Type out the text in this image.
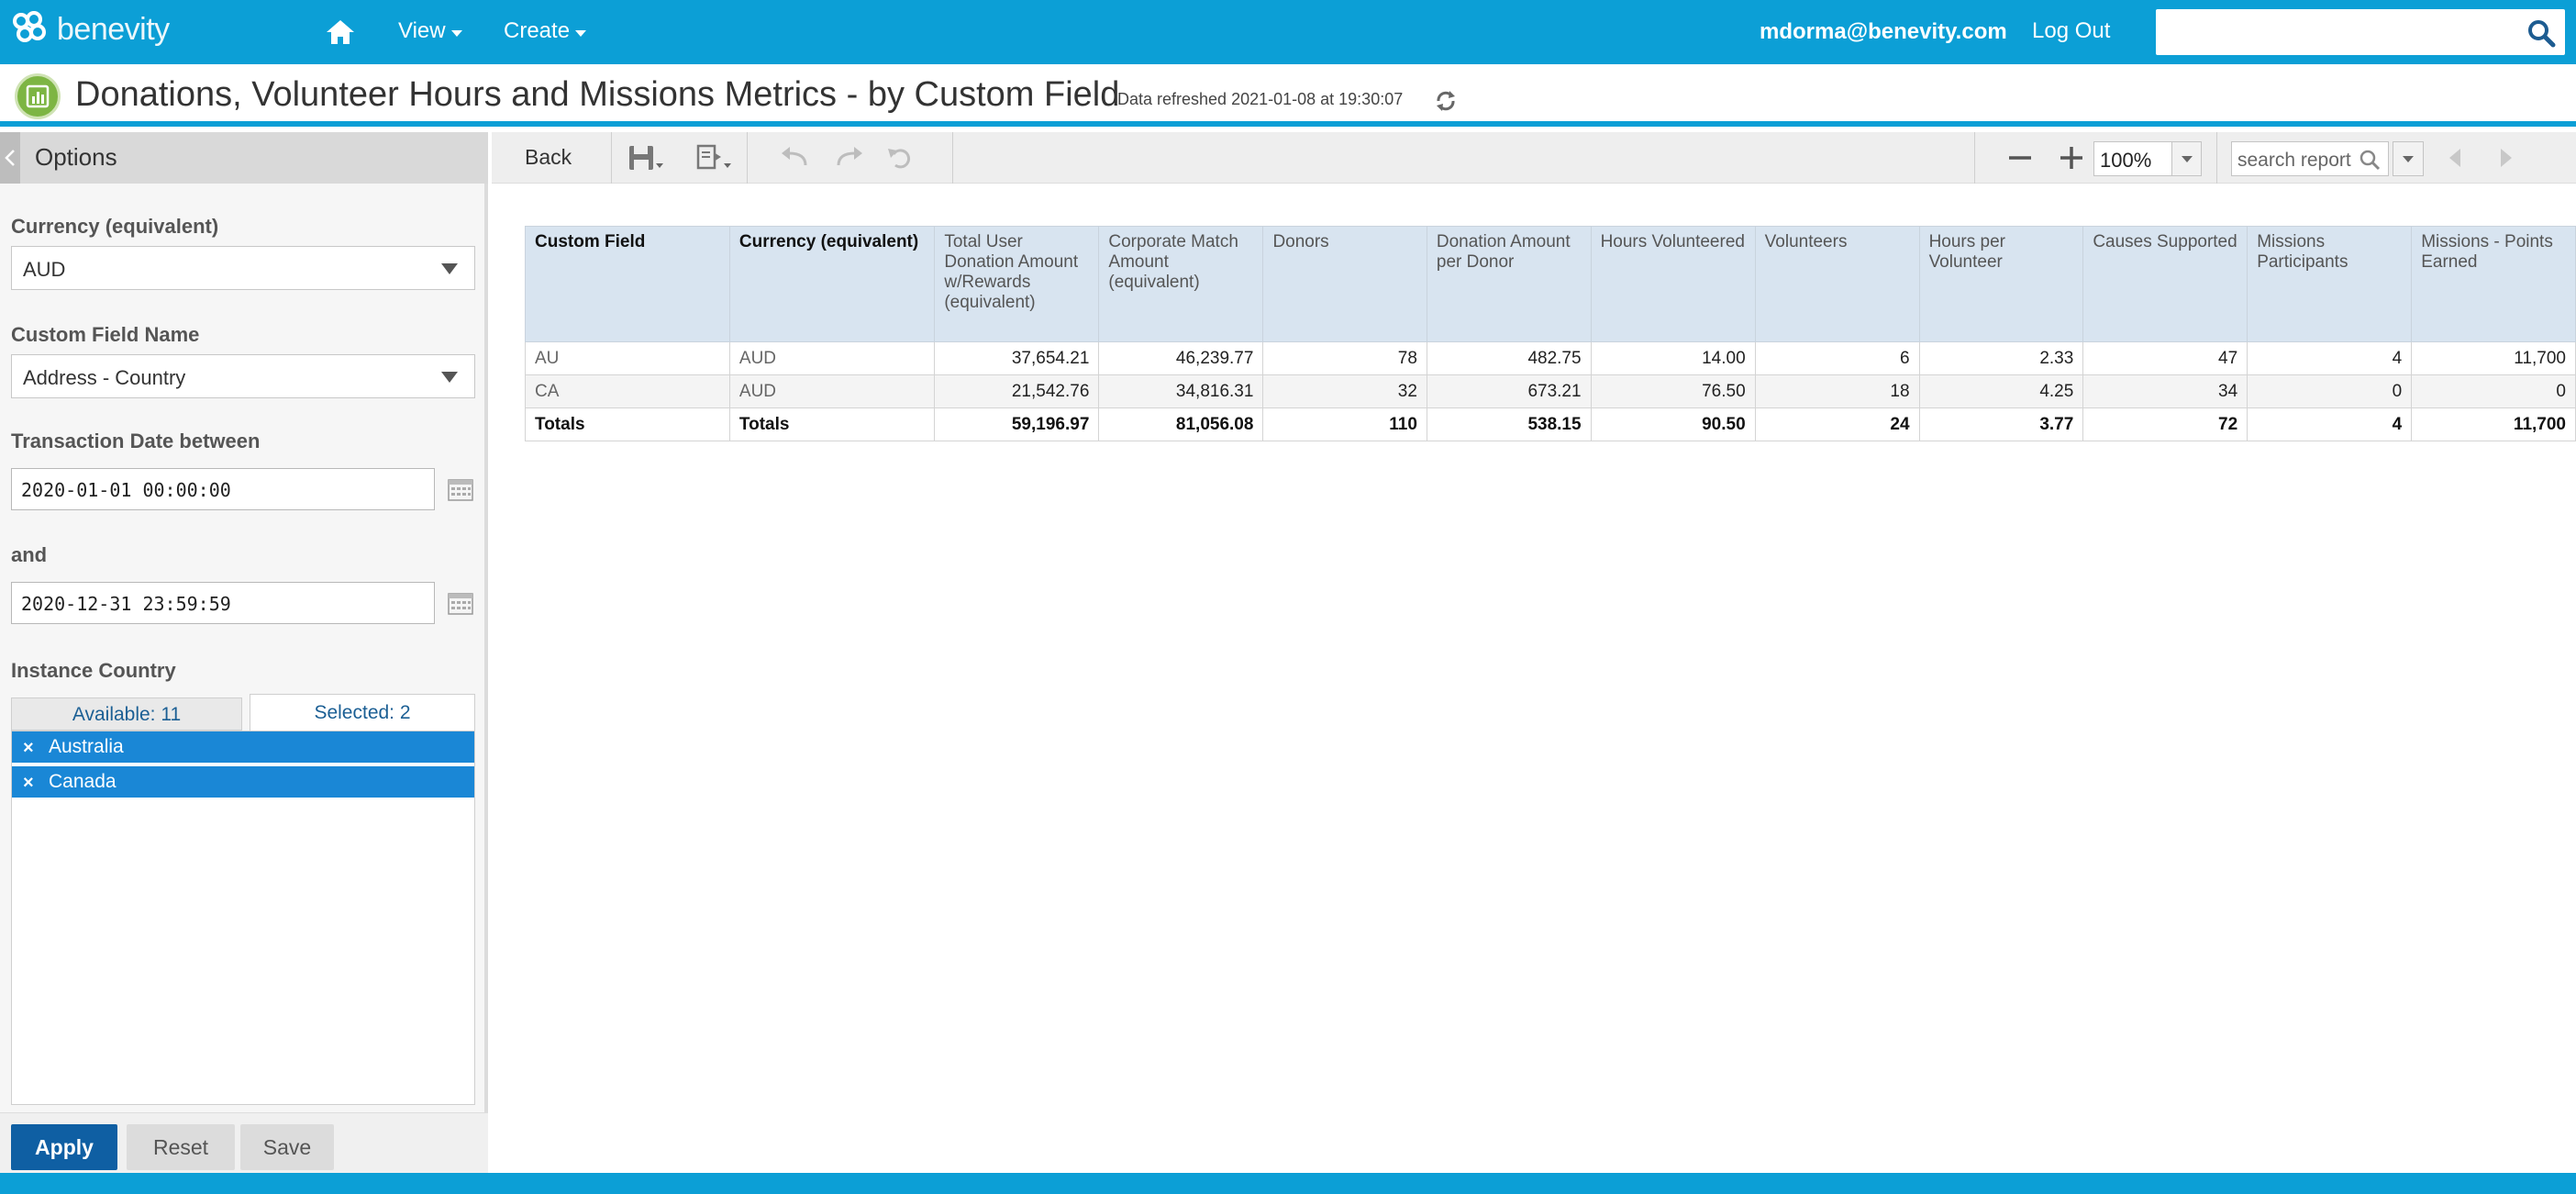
benevity	View	Create	mdorma@benevity.com Log Out
Donations, Volunteer Hours and Missions Metrics - by Custom Field
Data refreshed 2021-01-08 at 19:30:07
Options
Currency (equivalent)
AUD
Custom Field Name
Address - Country
Transaction Date between
2020-01-01 00:00:00
and
2020-12-31 23:59:59
Instance Country
Available: 11	Selected: 2
× Australia
× Canada
Apply	Reset	Save
Back	100%	search report
Custom Field	Currency (equivalent)	Total User Donation Amount w/Rewards (equivalent)	Corporate Match Amount (equivalent)	Donors	Donation Amount per Donor	Hours Volunteered	Volunteers	Hours per Volunteer	Causes Supported	Missions Participants	Missions - Points Earned
AU	AUD	37,654.21	46,239.77	78	482.75	14.00	6	2.33	47	4	11,700
CA	AUD	21,542.76	34,816.31	32	673.21	76.50	18	4.25	34	0	0
Totals	Totals	59,196.97	81,056.08	110	538.15	90.50	24	3.77	72	4	11,700
